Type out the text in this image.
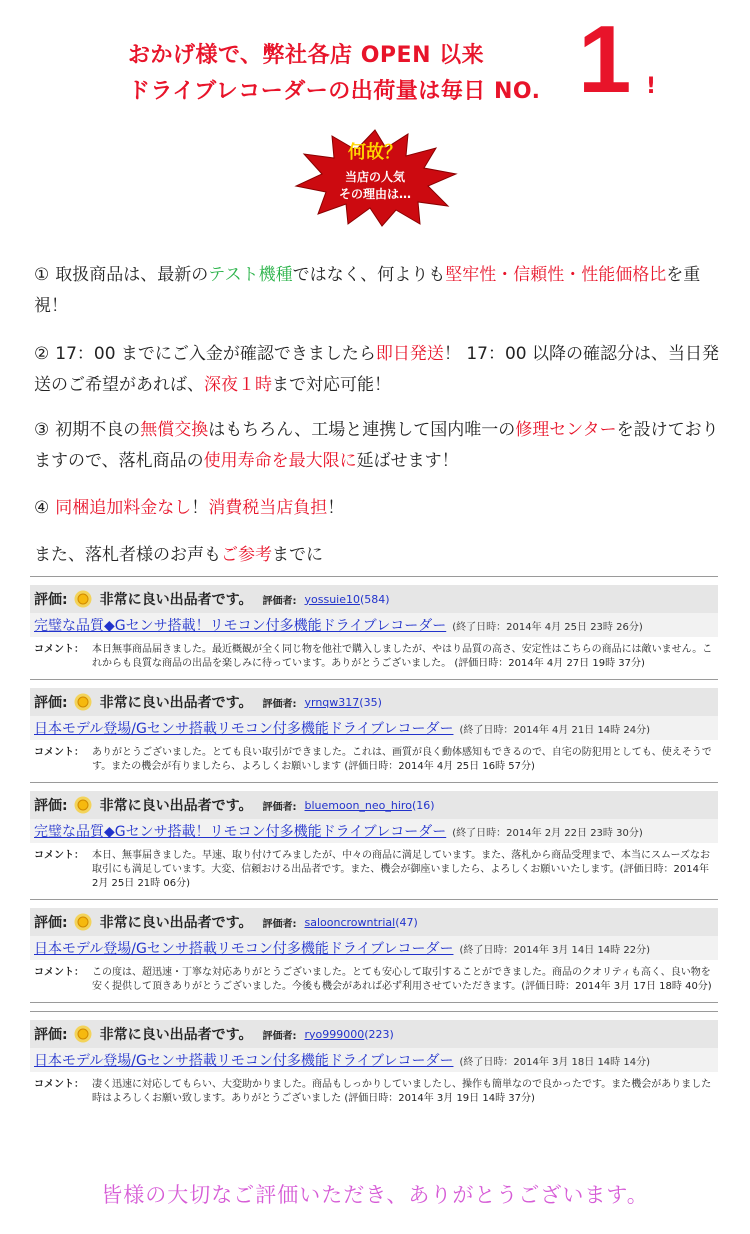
おかげ様で、弊社各店 OPEN 以来
ドライブレコーダーの出荷量は毎日 NO. 1 !
何故？
当店の人気
その理由は…
① 取扱商品は、最新のテスト機種ではなく、何よりも堅牢性・信頼性・性能価格比を重視！
② 17：00 までにご入金が確認できましたら即日発送！ 17：00 以降の確認分は、当日発送のご希望があれば、深夜１時まで対応可能！
③ 初期不良の無償交換はもちろん、工場と連携して国内唯一の修理センターを設けておりますので、落札商品の使用寿命を最大限に延ばせます！
④ 同梱追加料金なし！消費税当店負担！
また、落札者様のお声もご参考までに
評価: 非常に良い出品者です。 評価者: yossuie10 (584)
完璧な品質◆Gセンサ搭載！リモコン付多機能ドライブレコーダー (終了日時：2014年 4月 25日 23時 26分)
コメント： 本日無事商品届きました。最近概観が全く同じ物を他社で購入しましたが、やはり品質の高さ、安定性はこちらの商品には敵いません。これからも良質な商品の出品を楽しみに待っています。ありがとうございました。 (評価日時：2014年 4月 27日 19時 37分)
評価: 非常に良い出品者です。 評価者: yrnqw317 (35)
日本モデル登場/Gセンサ搭載リモコン付多機能ドライブレコーダー (終了日時：2014年 4月 21日 14時 24分)
コメント： ありがとうございました。とても良い取引ができました。これは、画質が良く動体感知もできるので、自宅の防犯用としても、使えそうです。またの機会が有りましたら、よろしくお願いします (評価日時：2014年 4月 25日 16時 57分)
評価: 非常に良い出品者です。 評価者: bluemoon_neo_hiro (16)
完璧な品質◆Gセンサ搭載！リモコン付多機能ドライブレコーダー (終了日時：2014年 2月 22日 23時 30分)
コメント： 本日、無事届きました。早速、取り付けてみましたが、中々の商品に満足しています。また、落札から商品受理まで、本当にスムーズなお取引にも満足しています。大変、信頼おける出品者です。また、機会が御座いましたら、よろしくお願いいたします。(評価日時：2014年 2月 25日 21時 06分)
評価: 非常に良い出品者です。 評価者: salooncrowntrial (47)
日本モデル登場/Gセンサ搭載リモコン付多機能ドライブレコーダー (終了日時：2014年 3月 14日 14時 22分)
コメント： この度は、超迅速・丁寧な対応ありがとうございました。とても安心して取引することができました。商品のクオリティも高く、良い物を安く提供して頂きありがとうございました。今後も機会があれば必ず利用させていただきます。(評価日時：2014年 3月 17日 18時 40分)
評価: 非常に良い出品者です。 評価者: ryo999000 (223)
日本モデル登場/Gセンサ搭載リモコン付多機能ドライブレコーダー (終了日時：2014年 3月 18日 14時 14分)
コメント： 凄く迅速に対応してもらい、大変助かりました。商品もしっかりしていましたし、操作も簡単なので良かったです。また機会がありました時はよろしくお願い致します。ありがとうございました (評価日時：2014年 3月 19日 14時 37分)
皆様の大切なご評価いただき、ありがとうございます。
